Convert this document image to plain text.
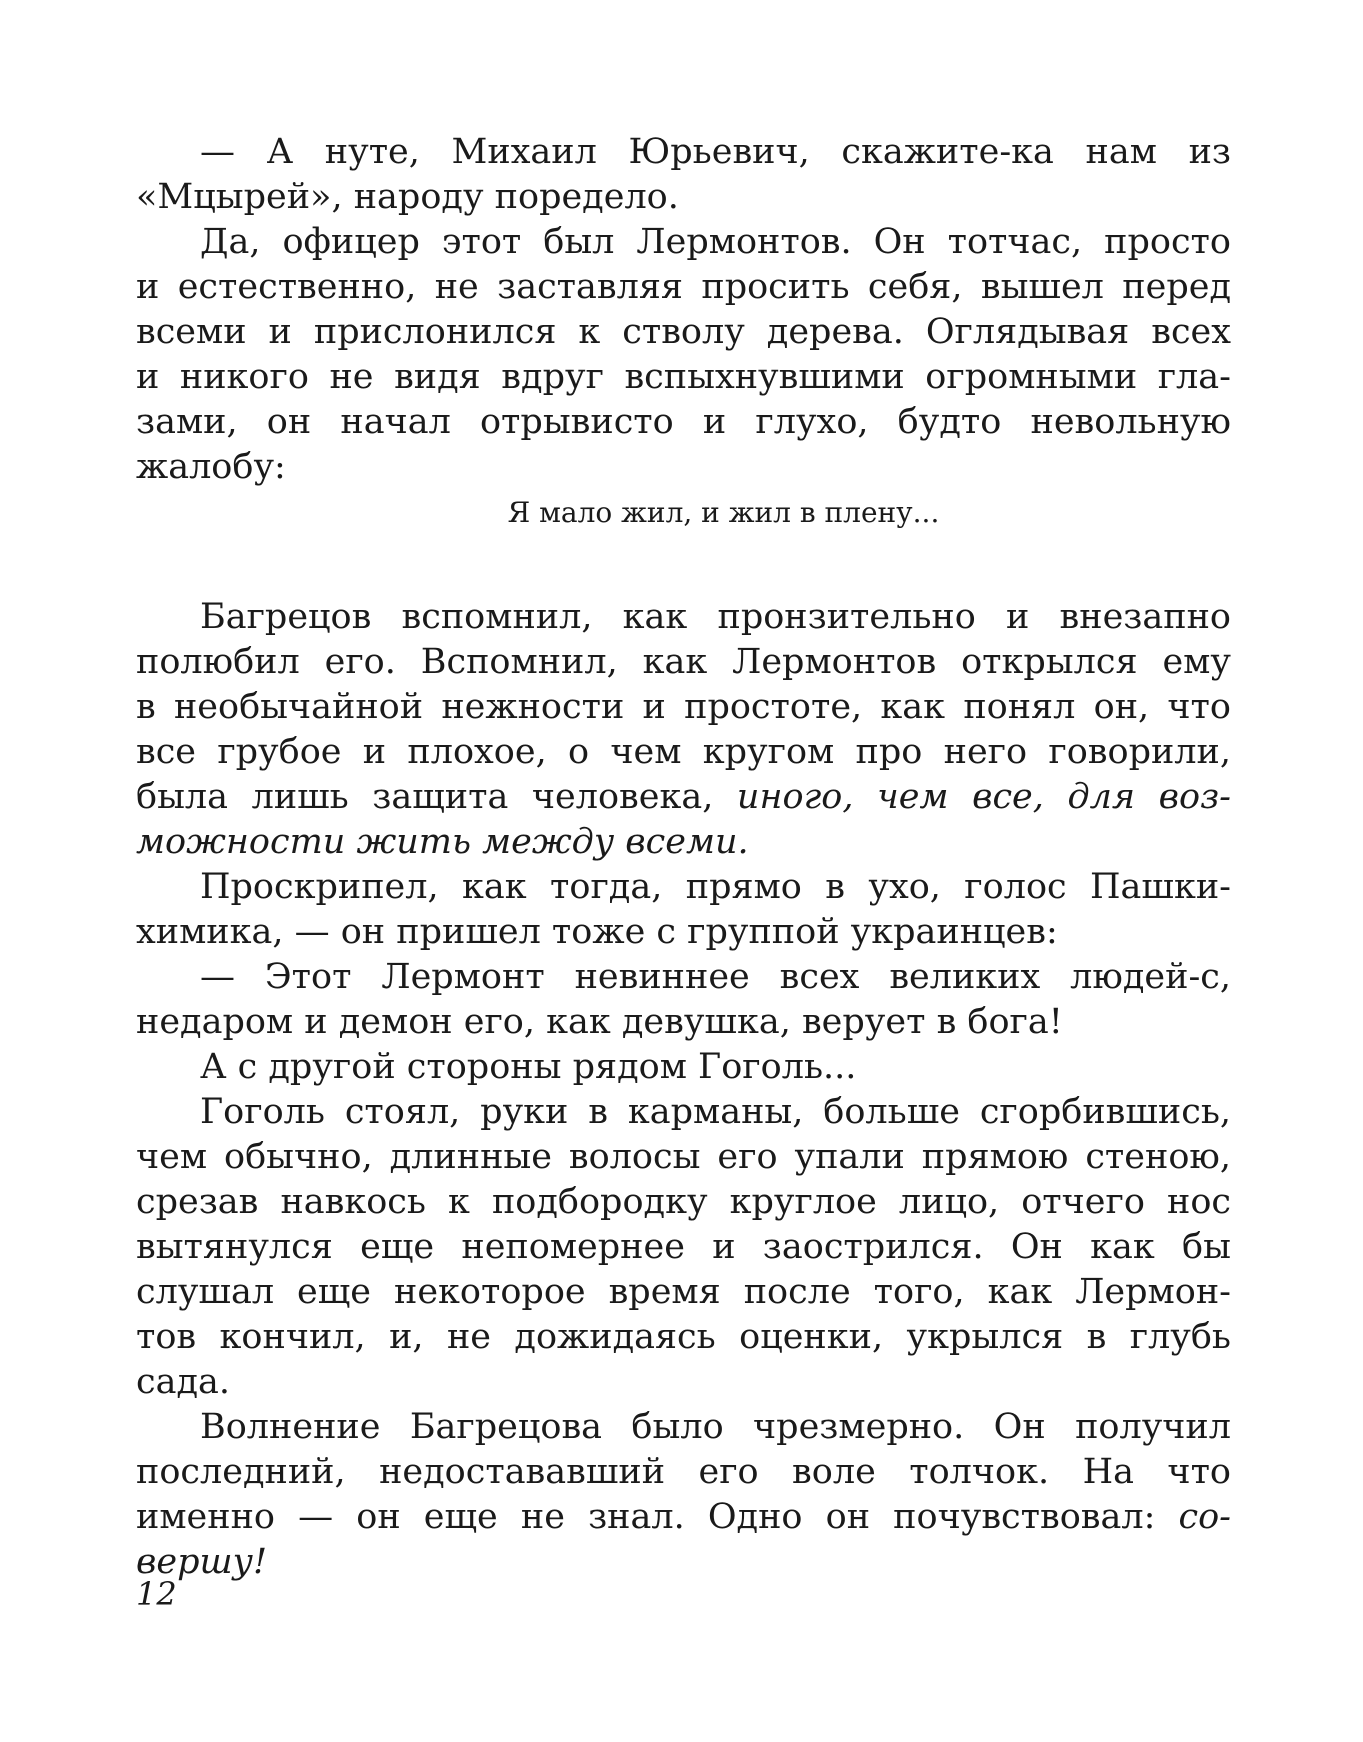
— А нуте, Михаил Юрьевич, скажите-ка нам из
«Мцырей», народу поредело.
Да, офицер этот был Лермонтов. Он тотчас, просто
и естественно, не заставляя просить себя, вышел перед
всеми и прислонился к стволу дерева. Оглядывая всех
и никого не видя вдруг вспыхнувшими огромными гла-
зами, он начал отрывисто и глухо, будто невольную
жалобу:
Я мало жил, и жил в плену...
Багрецов вспомнил, как пронзительно и внезапно
полюбил его. Вспомнил, как Лермонтов открылся ему
в необычайной нежности и простоте, как понял он, что
все грубое и плохое, о чем кругом про него говорили,
была лишь защита человека, иного, чем все, для воз-
можности жить между всеми.
Проскрипел, как тогда, прямо в ухо, голос Пашки-
химика, — он пришел тоже с группой украинцев:
— Этот Лермонт невиннее всех великих людей-с,
недаром и демон его, как девушка, верует в бога!
А с другой стороны рядом Гоголь...
Гоголь стоял, руки в карманы, больше сгорбившись,
чем обычно, длинные волосы его упали прямою стеною,
срезав навкось к подбородку круглое лицо, отчего нос
вытянулся еще непомернее и заострился. Он как бы
слушал еще некоторое время после того, как Лермон-
тов кончил, и, не дожидаясь оценки, укрылся в глубь
сада.
Волнение Багрецова было чрезмерно. Он получил
последний, недостававший его воле толчок. На что
именно — он еще не знал. Одно он почувствовал: со-
вершу!
12
